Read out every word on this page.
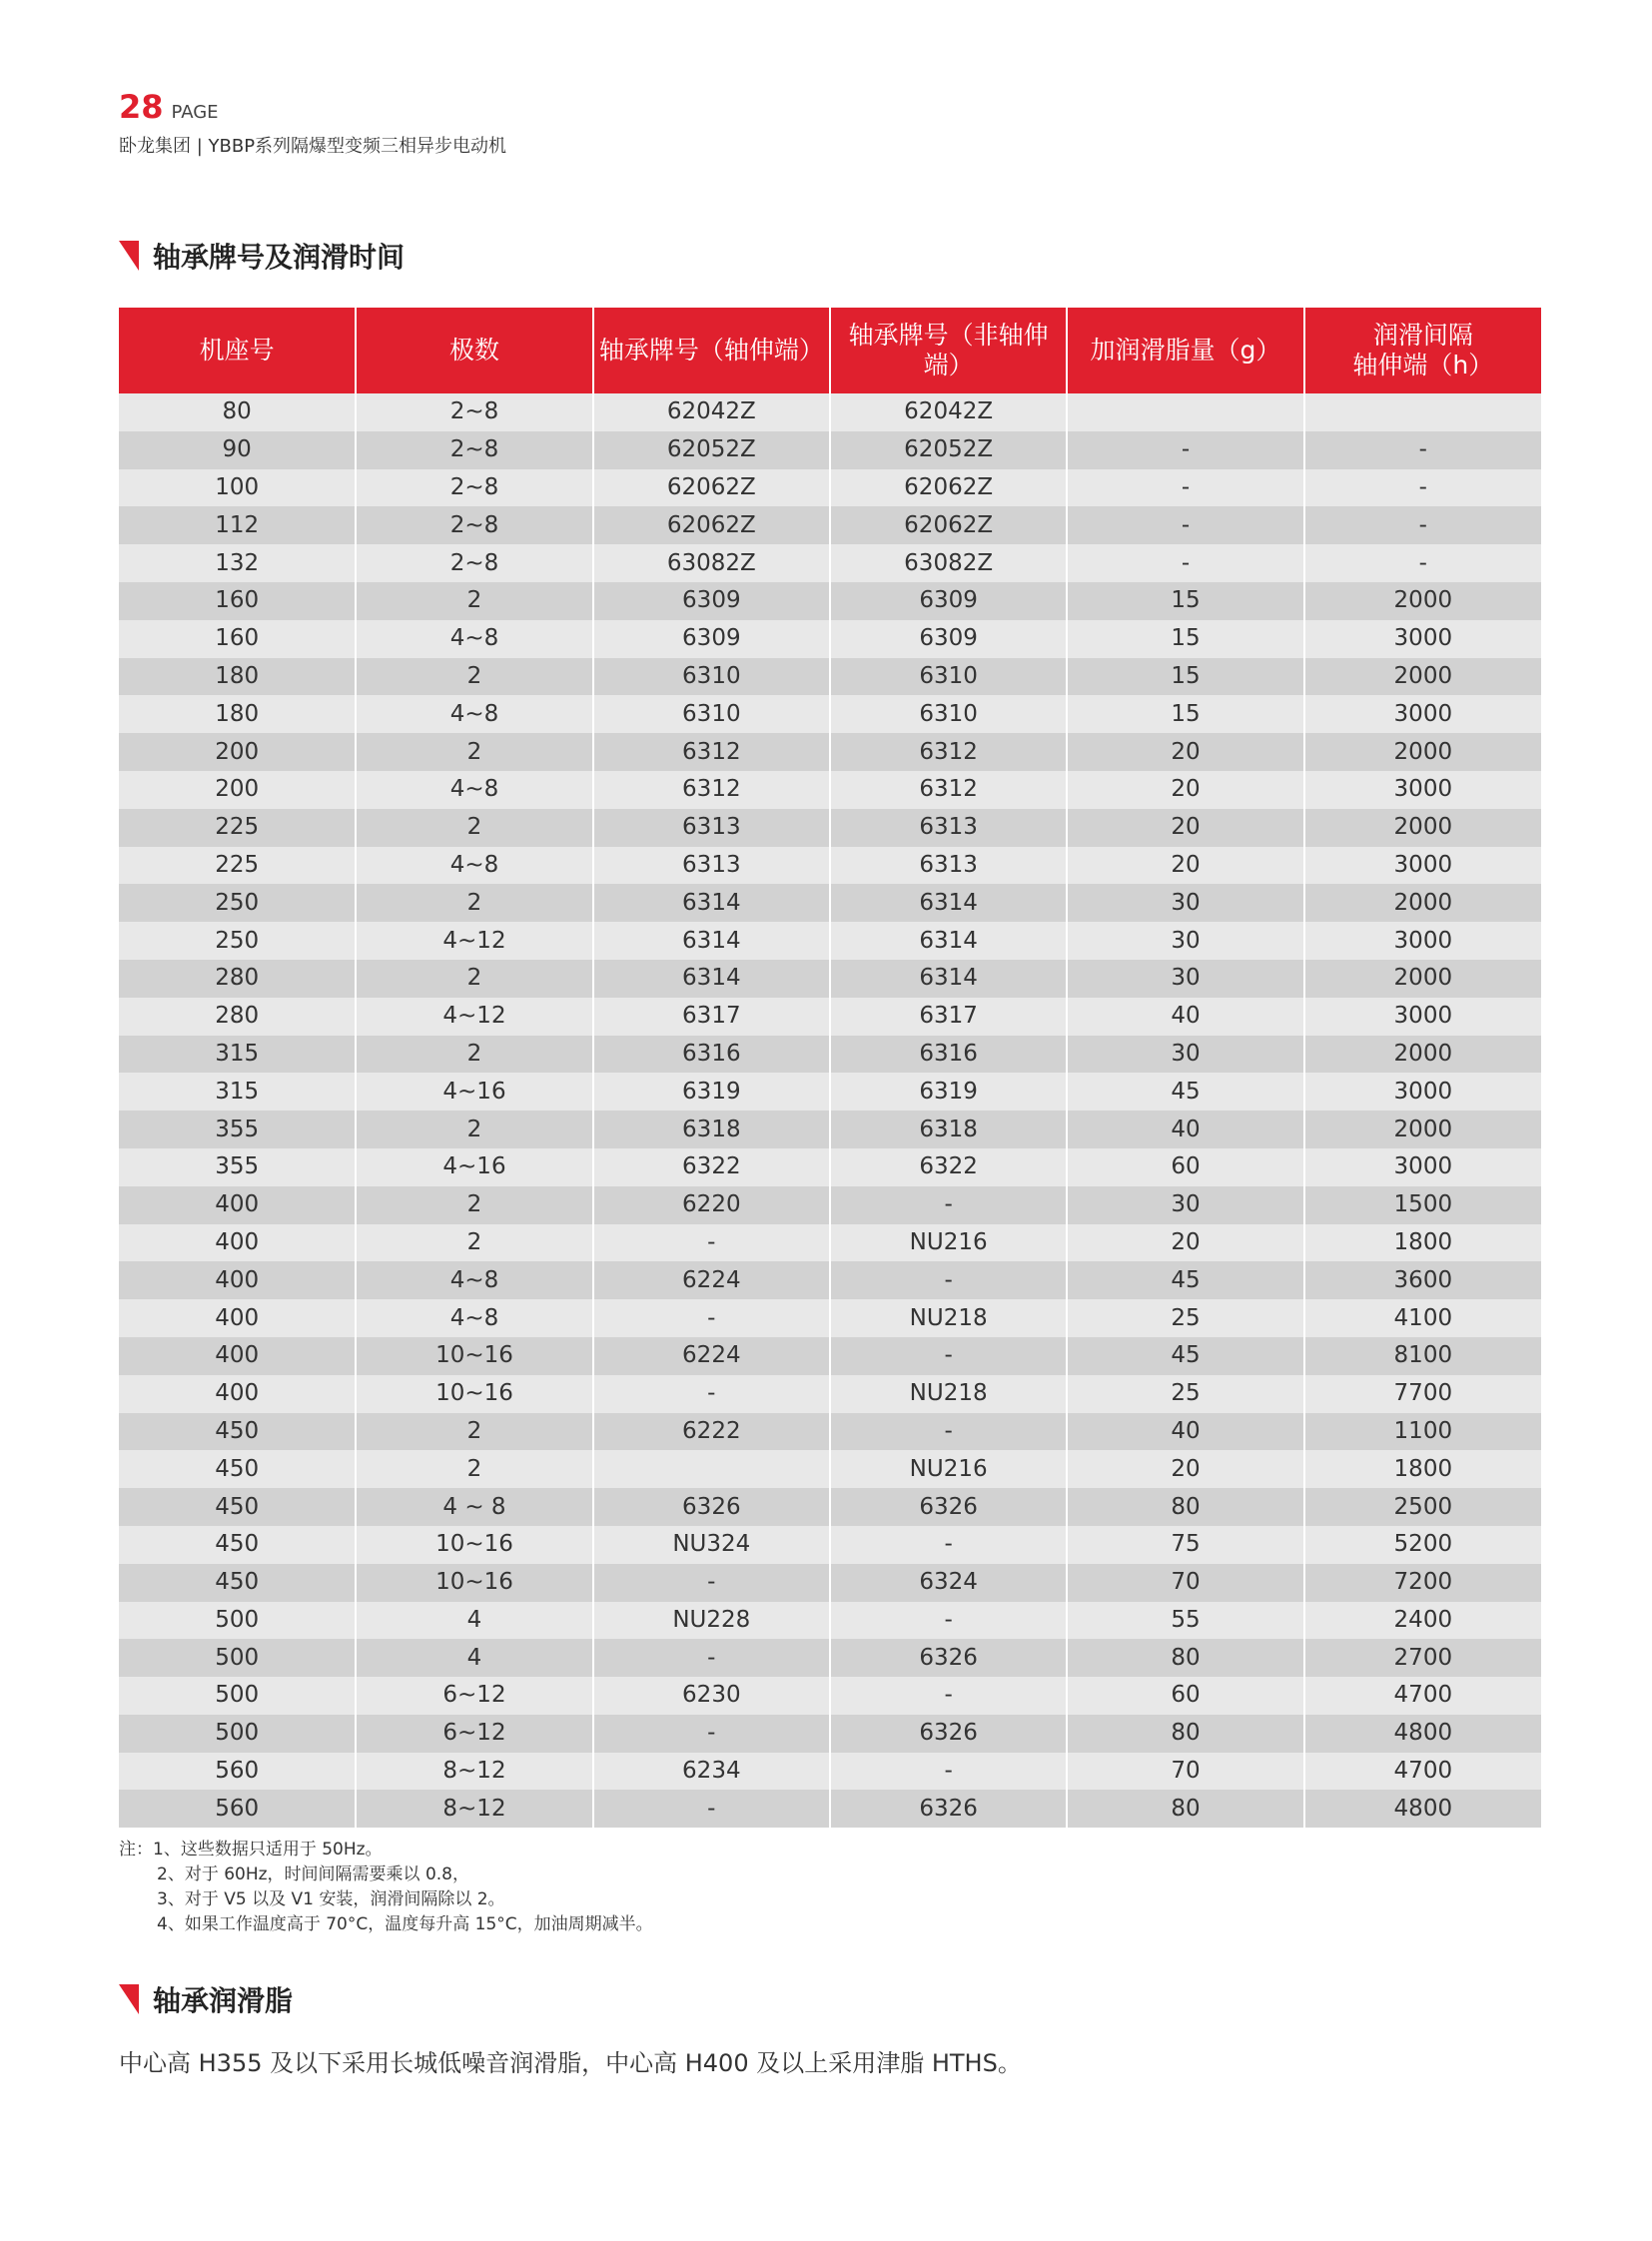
28 PAGE
卧龙集团 | YBBP系列隔爆型变频三相异步电动机
轴承牌号及润滑时间
机座号	极数	轴承牌号（轴伸端）	轴承牌号（非轴伸端）	加润滑脂量（g）	润滑间隔
轴伸端（h）

80	2~8	62042Z	62042Z		
90	2~8	62052Z	62052Z	-	-
100	2~8	62062Z	62062Z	-	-
112	2~8	62062Z	62062Z	-	-
132	2~8	63082Z	63082Z	-	-
160	2	6309	6309	15	2000
160	4~8	6309	6309	15	3000
180	2	6310	6310	15	2000
180	4~8	6310	6310	15	3000
200	2	6312	6312	20	2000
200	4~8	6312	6312	20	3000
225	2	6313	6313	20	2000
225	4~8	6313	6313	20	3000
250	2	6314	6314	30	2000
250	4~12	6314	6314	30	3000
280	2	6314	6314	30	2000
280	4~12	6317	6317	40	3000
315	2	6316	6316	30	2000
315	4~16	6319	6319	45	3000
355	2	6318	6318	40	2000
355	4~16	6322	6322	60	3000
400	2	6220	-	30	1500
400	2	-	NU216	20	1800
400	4~8	6224	-	45	3600
400	4~8	-	NU218	25	4100
400	10~16	6224	-	45	8100
400	10~16	-	NU218	25	7700
450	2	6222	-	40	1100
450	2		NU216	20	1800
450	4 ~ 8	6326	6326	80	2500
450	10~16	NU324	-	75	5200
450	10~16	-	6324	70	7200
500	4	NU228	-	55	2400
500	4	-	6326	80	2700
500	6~12	6230	-	60	4700
500	6~12	-	6326	80	4800
560	8~12	6234	-	70	4700
560	8~12	-	6326	80	4800
注：1、这些数据只适用于 50Hz。
2、对于 60Hz，时间间隔需要乘以 0.8，
3、对于 V5 以及 V1 安装，润滑间隔除以 2。
4、如果工作温度高于 70°C，温度每升高 15°C，加油周期减半。
轴承润滑脂
中心高 H355 及以下采用长城低噪音润滑脂，中心高 H400 及以上采用津脂 HTHS。
